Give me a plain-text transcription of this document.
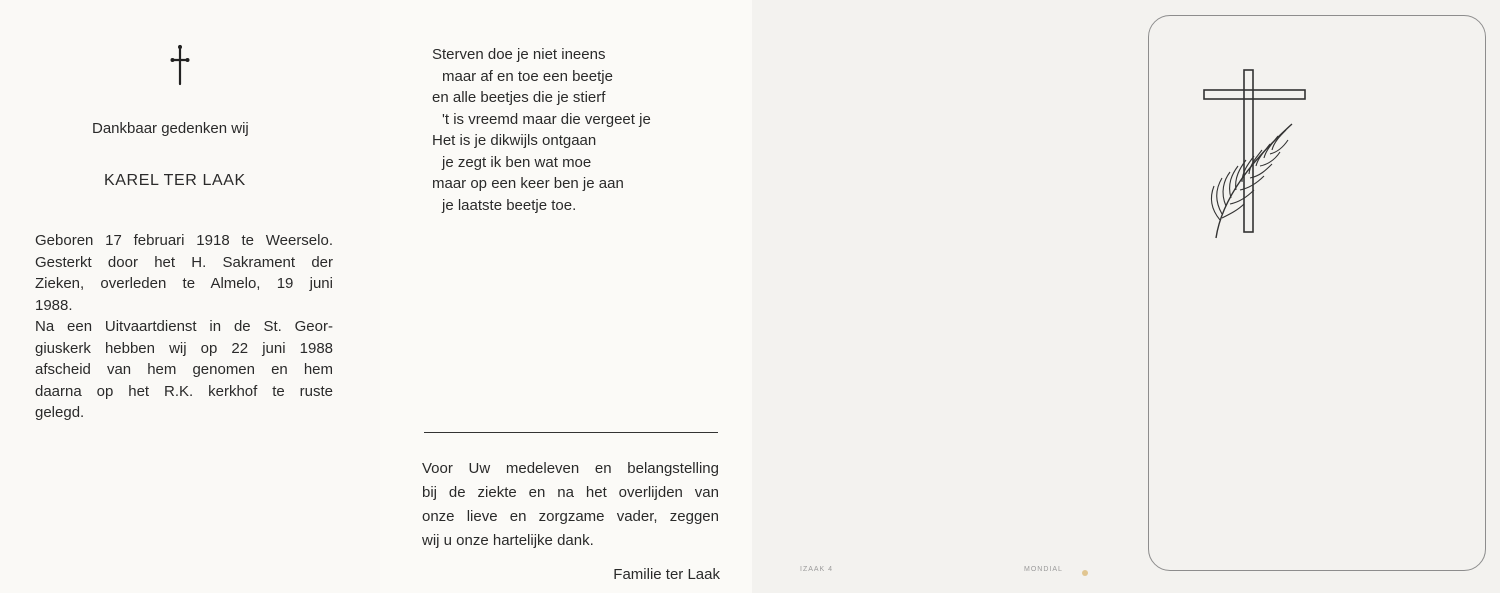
Dankbaar gedenken wij
KAREL TER LAAK
Geboren 17 februari 1918 te Weerselo.
Gesterkt door het H. Sakrament der
Zieken, overleden te Almelo, 19 juni
1988.
Na een Uitvaartdienst in de St. Geor-
giuskerk hebben wij op 22 juni 1988
afscheid van hem genomen en hem
daarna op het R.K. kerkhof te ruste
gelegd.
Sterven doe je niet ineens
maar af en toe een beetje
en alle beetjes die je stierf
't is vreemd maar die vergeet je
Het is je dikwijls ontgaan
je zegt ik ben wat moe
maar op een keer ben je aan
je laatste beetje toe.
Voor Uw medeleven en belangstelling
bij de ziekte en na het overlijden van
onze lieve en zorgzame vader, zeggen
wij u onze hartelijke dank.
Familie ter Laak	IZAAK 4	MONDIAL
